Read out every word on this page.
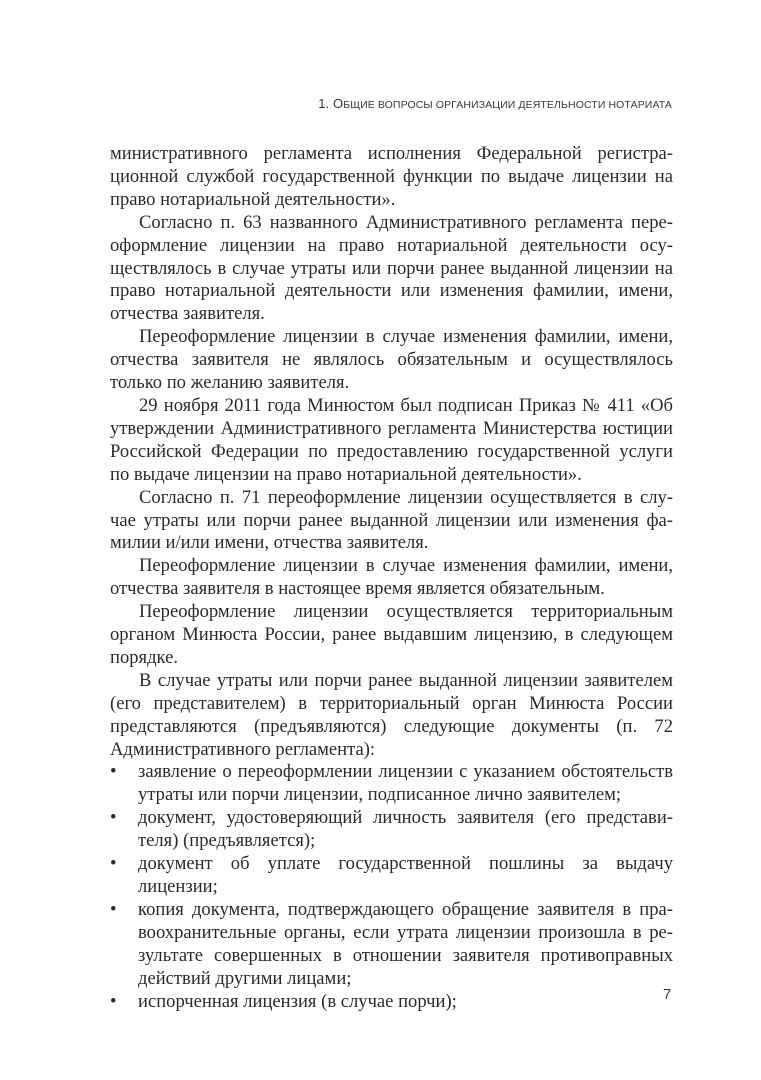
1. ОБЩИЕ ВОПРОСЫ ОРГАНИЗАЦИИ ДЕЯТЕЛЬНОСТИ НОТАРИАТА

министративного регламента исполнения Федеральной регистрационной службой государственной функции по выдаче лицензии на право нотариальной деятельности».

Согласно п. 63 названного Административного регламента переоформление лицензии на право нотариальной деятельности осуществлялось в случае утраты или порчи ранее выданной лицензии на право нотариальной деятельности или изменения фамилии, имени, отчества заявителя.

Переоформление лицензии в случае изменения фамилии, имени, отчества заявителя не являлось обязательным и осуществлялось только по желанию заявителя.

29 ноября 2011 года Минюстом был подписан Приказ № 411 «Об утверждении Административного регламента Министерства юстиции Российской Федерации по предоставлению государственной услуги по выдаче лицензии на право нотариальной деятельности».

Согласно п. 71 переоформление лицензии осуществляется в случае утраты или порчи ранее выданной лицензии или изменения фамилии и/или имени, отчества заявителя.

Переоформление лицензии в случае изменения фамилии, имени, отчества заявителя в настоящее время является обязательным.

Переоформление лицензии осуществляется территориальным органом Минюста России, ранее выдавшим лицензию, в следующем порядке.

В случае утраты или порчи ранее выданной лицензии заявителем (его представителем) в территориальный орган Минюста России представляются (предъявляются) следующие документы (п. 72 Административного регламента):

•	заявление о переоформлении лицензии с указанием обстоятельств утраты или порчи лицензии, подписанное лично заявителем;
•	документ, удостоверяющий личность заявителя (его представителя) (предъявляется);
•	документ об уплате государственной пошлины за выдачу лицензии;
•	копия документа, подтверждающего обращение заявителя в правоохранительные органы, если утрата лицензии произошла в результате совершенных в отношении заявителя противоправных действий другими лицами;
•	испорченная лицензия (в случае порчи);	7
